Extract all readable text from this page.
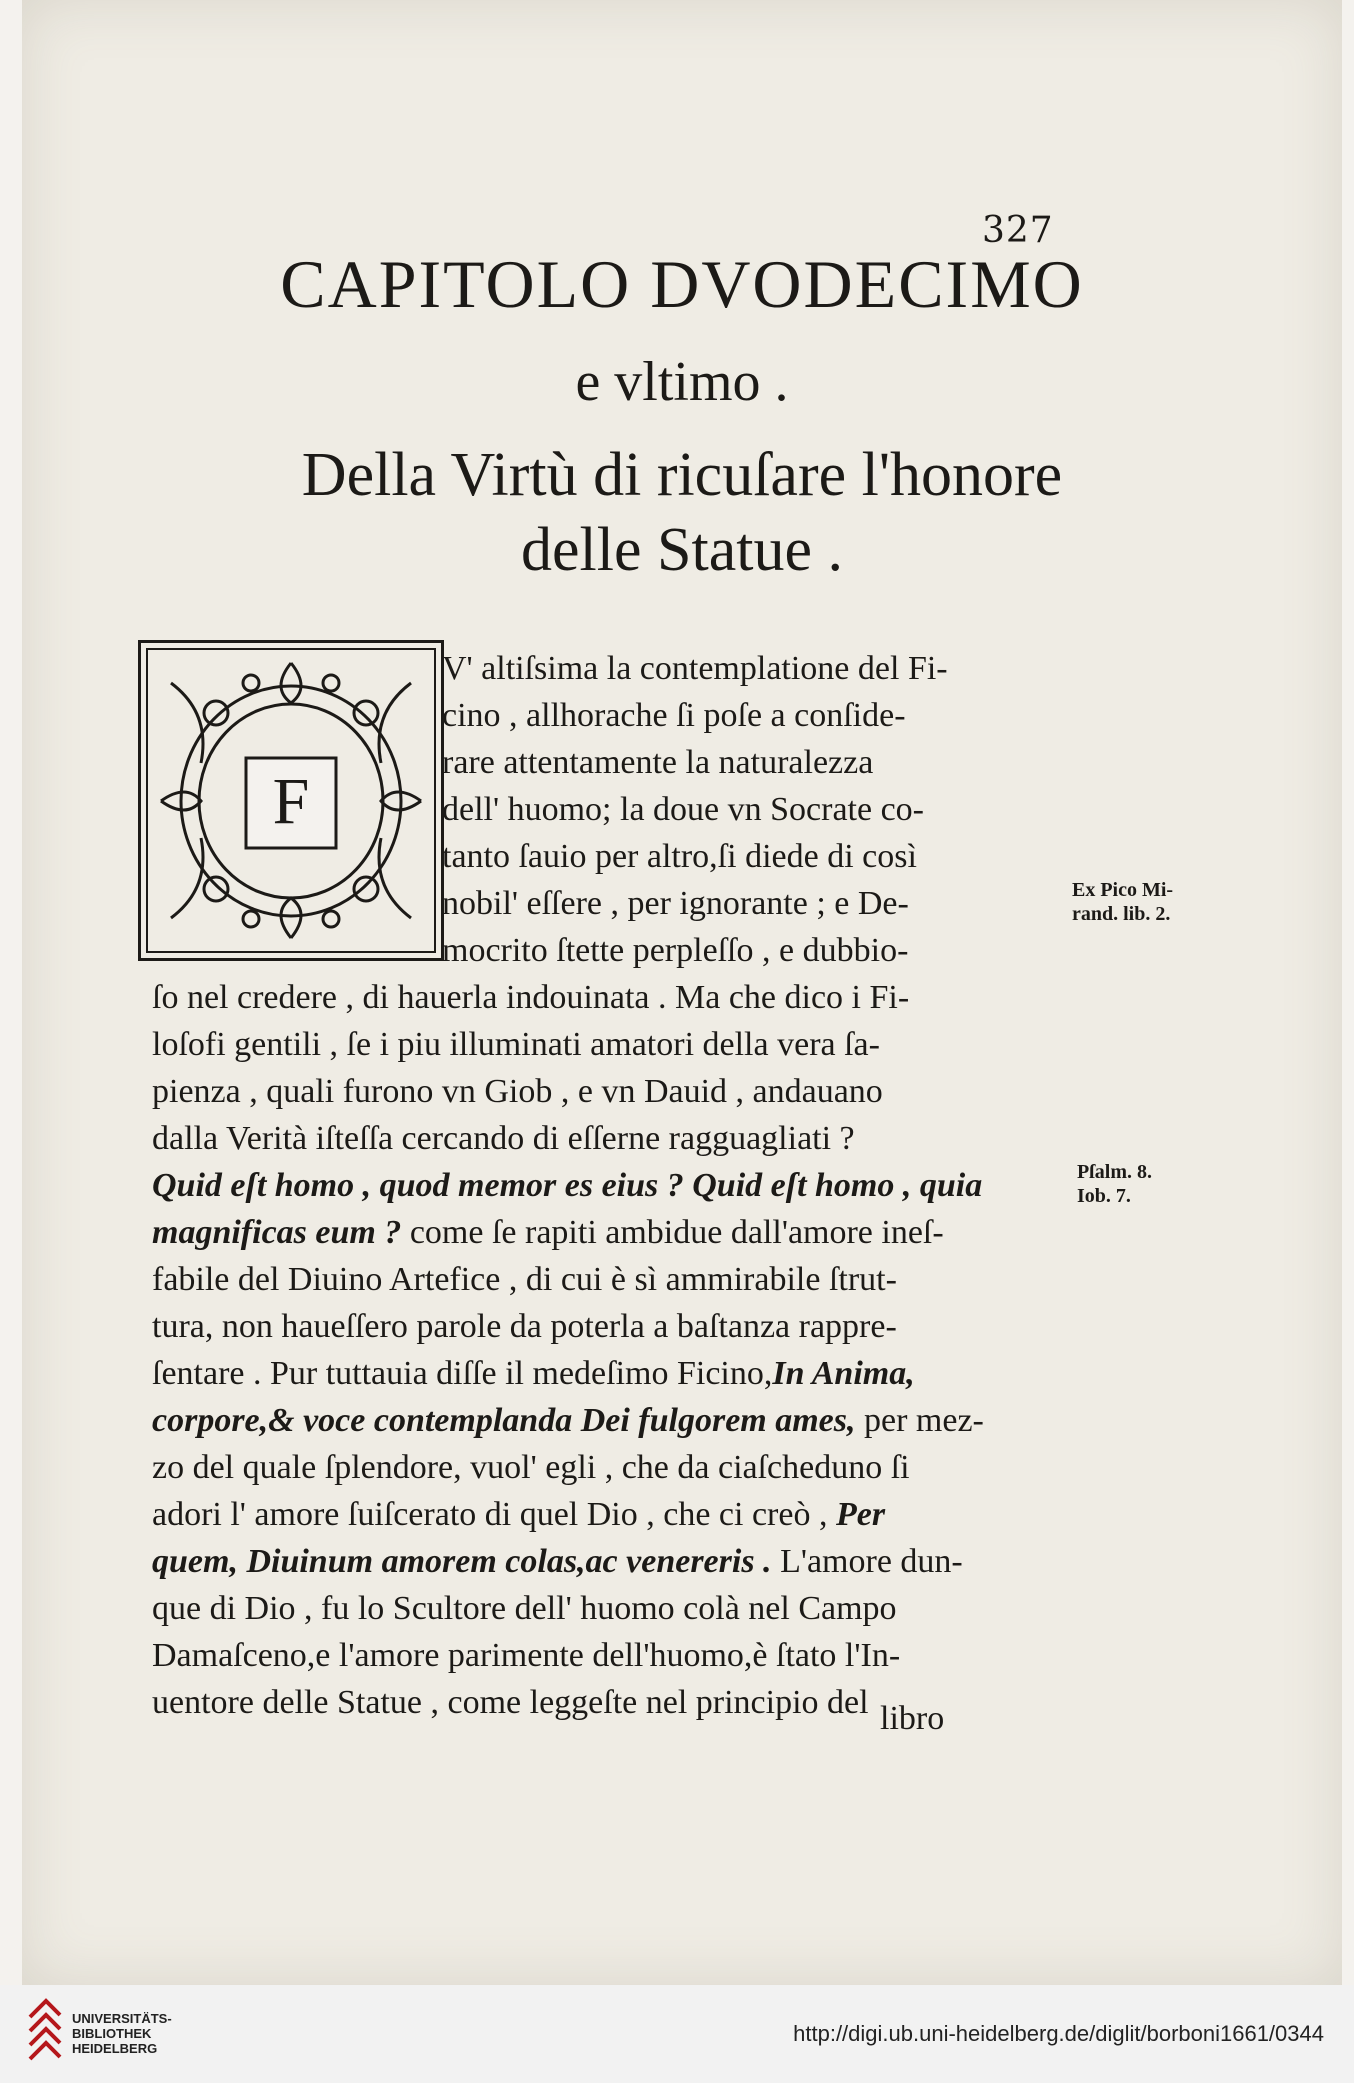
327
CAPITOLO DVODECIMO
e vltimo .
Della Virtù di ricuſare l'honore
delle Statue .
F
V' altiſsima la contemplatione del Fi-
cino , allhorache ſi poſe a conſide-
rare attentamente la naturalezza
dell' huomo; la doue vn Socrate co-
tanto ſauio per altro,ſi diede di così
nobil' eſſere , per ignorante ; e De-
mocrito ſtette perpleſſo , e dubbio-
ſo nel credere , di hauerla indouinata . Ma che dico i Fi-
loſofi gentili , ſe i piu illuminati amatori della vera ſa-
pienza , quali furono vn Giob , e vn Dauid , andauano
dalla Verità iſteſſa cercando di eſſerne ragguagliati ?
Quid eſt homo , quod memor es eius ? Quid eſt homo , quia
magnificas eum ? come ſe rapiti ambidue dall'amore ineſ-
fabile del Diuino Artefice , di cui è sì ammirabile ſtrut-
tura, non haueſſero parole da poterla a baſtanza rappre-
ſentare . Pur tuttauia diſſe il medeſimo Ficino,In Anima,
corpore,& voce contemplanda Dei fulgorem ames, per mez-
zo del quale ſplendore, vuol' egli , che da ciaſcheduno ſi
adori l' amore ſuiſcerato di quel Dio , che ci creò , Per
quem, Diuinum amorem colas,ac venereris . L'amore dun-
que di Dio , fu lo Scultore dell' huomo colà nel Campo
Damaſceno,e l'amore parimente dell'huomo,è ſtato l'In-
uentore delle Statue , come leggeſte nel principio del libro
Ex Pico Mi-
rand. lib. 2.
Pſalm. 8.
Iob. 7.
UNIVERSITÄTS-
BIBLIOTHEK
HEIDELBERG
http://digi.ub.uni-heidelberg.de/diglit/borboni1661/0344
